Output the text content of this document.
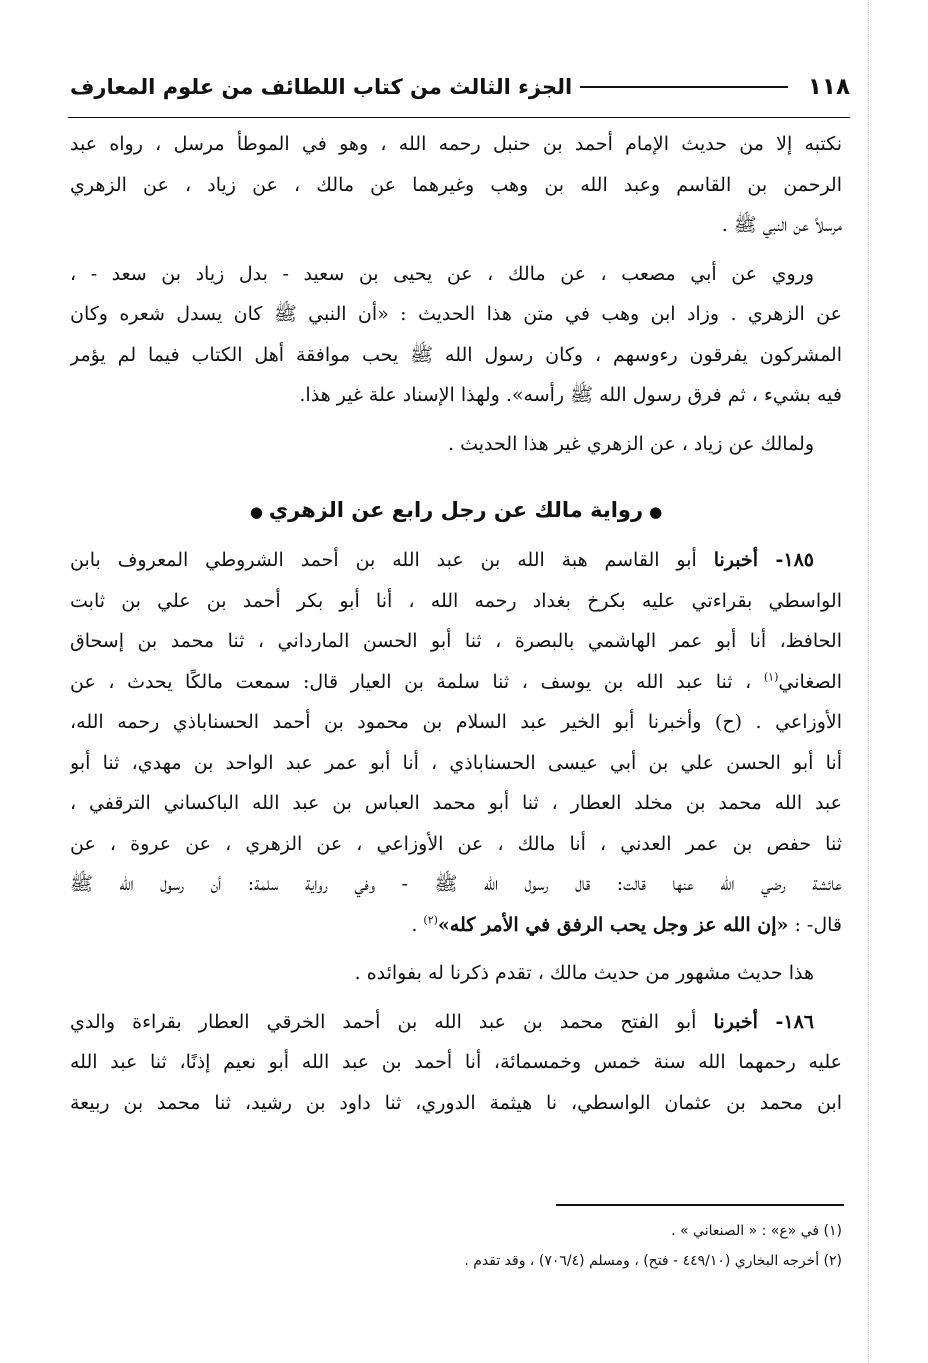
١١٨
الجزء الثالث من كتاب اللطائف من علوم المعارف
نكتبه إلا من حديث الإمام أحمد بن حنبل رحمه الله ، وهو في الموطأ مرسل ، رواه عبد
الرحمن بن القاسم وعبد الله بن وهب وغيرهما عن مالك ، عن زياد ، عن الزهري
مرسلاً عن النبي ﷺ .
وروي عن أبي مصعب ، عن مالك ، عن يحيى بن سعيد - بدل زياد بن سعد - ،
عن الزهري . وزاد ابن وهب في متن هذا الحديث : «أن النبي ﷺ كان يسدل شعره وكان
المشركون يفرقون رءوسهم ، وكان رسول الله ﷺ يحب موافقة أهل الكتاب فيما لم يؤمر
فيه بشيء ، ثم فرق رسول الله ﷺ رأسه». ولهذا الإسناد علة غير هذا.
ولمالك عن زياد ، عن الزهري غير هذا الحديث .
●رواية مالك عن رجل رابع عن الزهري●
١٨٥- أخبرنا أبو القاسم هبة الله بن عبد الله بن أحمد الشروطي المعروف بابن
الواسطي بقراءتي عليه بكرخ بغداد رحمه الله ، أنا أبو بكر أحمد بن علي بن ثابت
الحافظ، أنا أبو عمر الهاشمي بالبصرة ، ثنا أبو الحسن المارداني ، ثنا محمد بن إسحاق
الصغاني$^{(١)}$ ، ثنا عبد الله بن يوسف ، ثنا سلمة بن العيار قال: سمعت مالكًا يحدث ، عن
الأوزاعي . (ح) وأخبرنا أبو الخير عبد السلام بن محمود بن أحمد الحسناباذي رحمه الله،
أنا أبو الحسن علي بن أبي عيسى الحسناباذي ، أنا أبو عمر عبد الواحد بن مهدي، ثنا أبو
عبد الله محمد بن مخلد العطار ، ثنا أبو محمد العباس بن عبد الله الباكساني الترقفي ،
ثنا حفص بن عمر العدني ، أنا مالك ، عن الأوزاعي ، عن الزهري ، عن عروة ، عن
عائشة رضي الله عنها قالت: قال رسول الله ﷺ - وفي رواية سلمة: أن رسول الله ﷺ
قال- : «إن الله عز وجل يحب الرفق في الأمر كله»$^{(٢)}$ .
هذا حديث مشهور من حديث مالك ، تقدم ذكرنا له بفوائده .
١٨٦- أخبرنا أبو الفتح محمد بن عبد الله بن أحمد الخرقي العطار بقراءة والدي
عليه رحمهما الله سنة خمس وخمسمائة، أنا أحمد بن عبد الله أبو نعيم إذنًا، ثنا عبد الله
ابن محمد بن عثمان الواسطي، نا هيثمة الدوري، ثنا داود بن رشيد، ثنا محمد بن ربيعة
(١) في «ع» : « الصنعاني » .
(٢) أخرجه البخاري (٤٤٩/١٠ - فتح) ، ومسلم (٧٠٦/٤) ، وقد تقدم .
